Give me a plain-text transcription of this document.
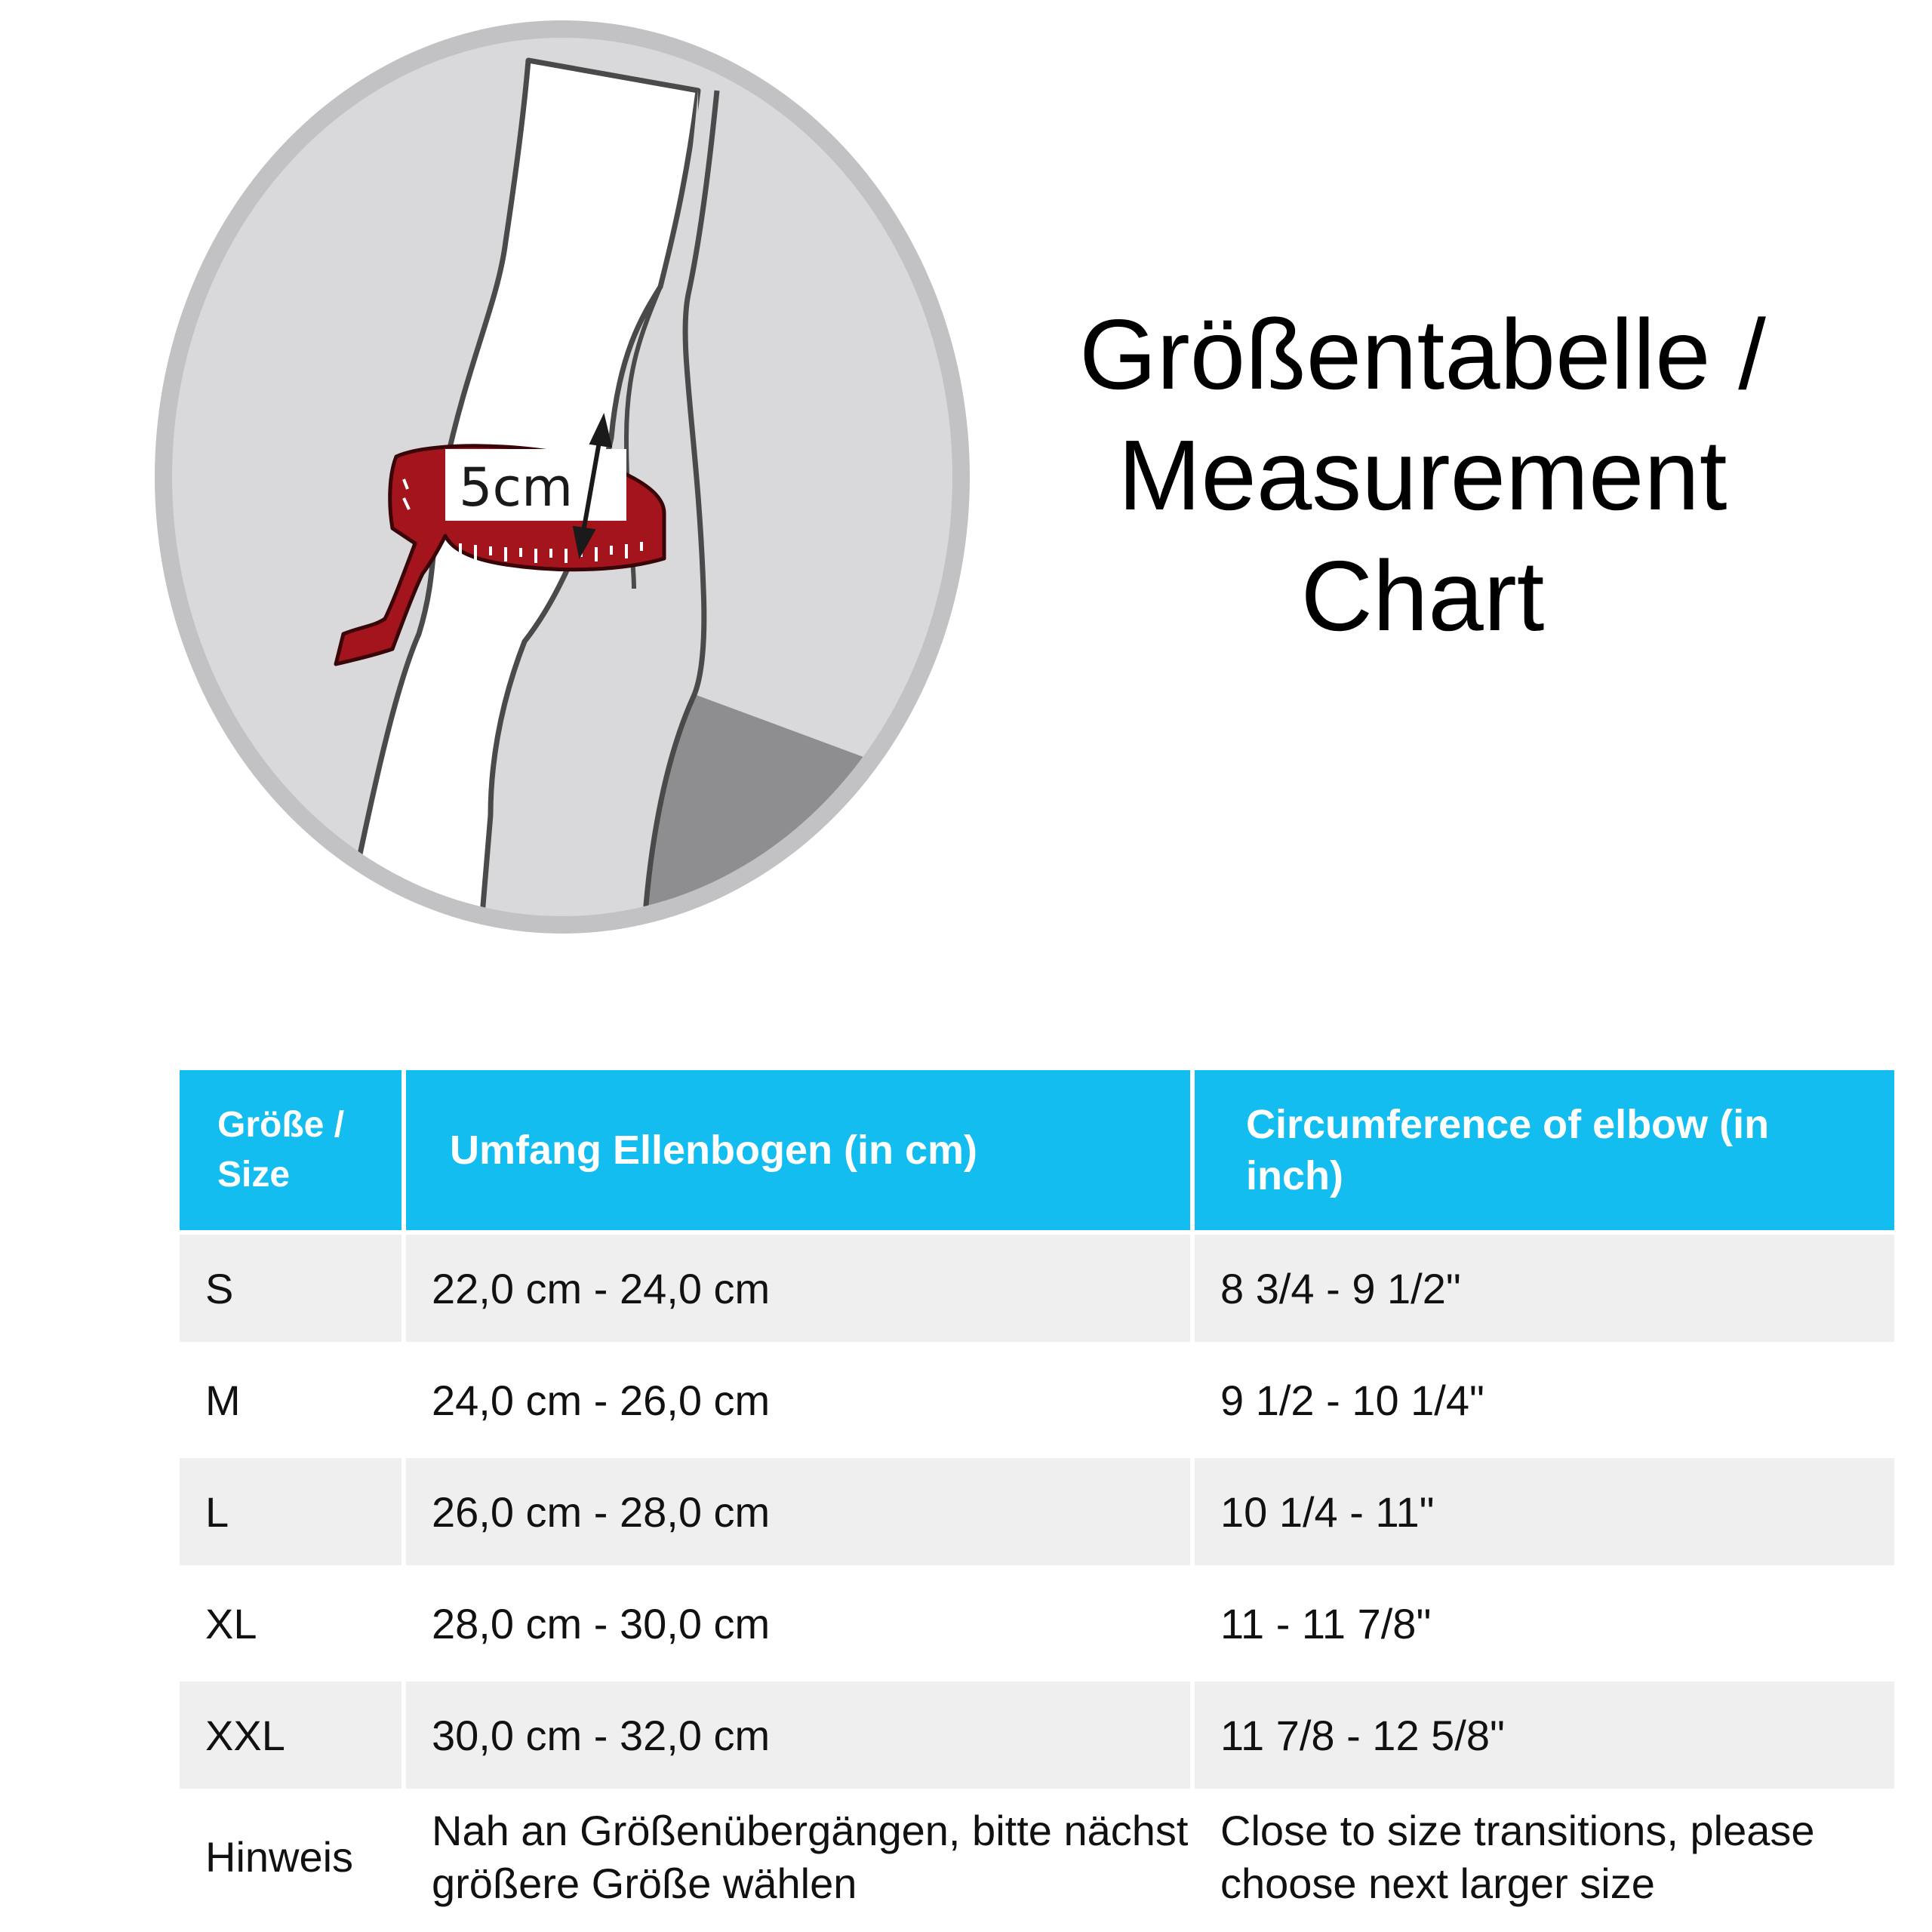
5cm
Größentabelle /
Measurement
Chart
Größe / Size	Umfang Ellenbogen (in cm)	Circumference of elbow (in inch)
S	22,0 cm - 24,0 cm	8 3/4 - 9 1/2"
M	24,0 cm - 26,0 cm	9 1/2 - 10 1/4"
L	26,0 cm - 28,0 cm	10 1/4 - 11"
XL	28,0 cm - 30,0 cm	11 - 11 7/8"
XXL	30,0 cm - 32,0 cm	11 7/8 - 12 5/8"
Hinweis	Nah an Größenübergängen, bitte nächst größere Größe wählen	Close to size transitions, please choose next larger size
